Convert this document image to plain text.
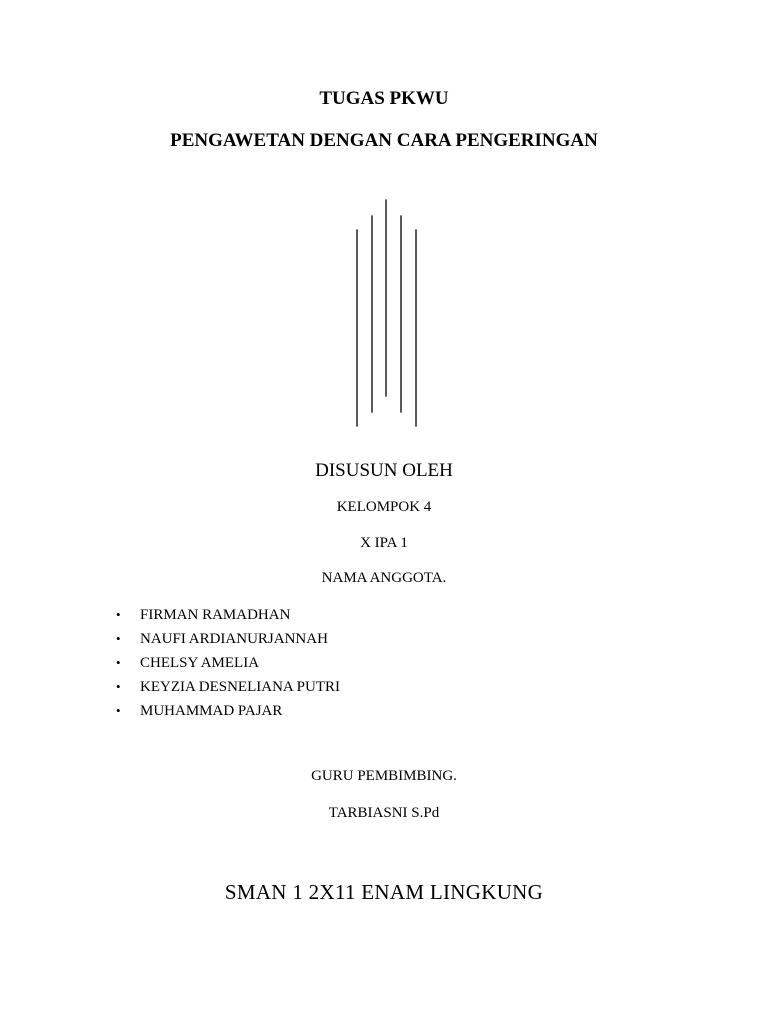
TUGAS PKWU
PENGAWETAN DENGAN CARA PENGERINGAN

DISUSUN OLEH

KELOMPOK 4

X IPA 1

NAMA ANGGOTA.

• FIRMAN RAMADHAN
• NAUFI ARDIANURJANNAH
• CHELSY AMELIA
• KEYZIA DESNELIANA PUTRI
• MUHAMMAD PAJAR

GURU PEMBIMBING.

TARBIASNI S.Pd

SMAN 1 2X11 ENAM LINGKUNG
